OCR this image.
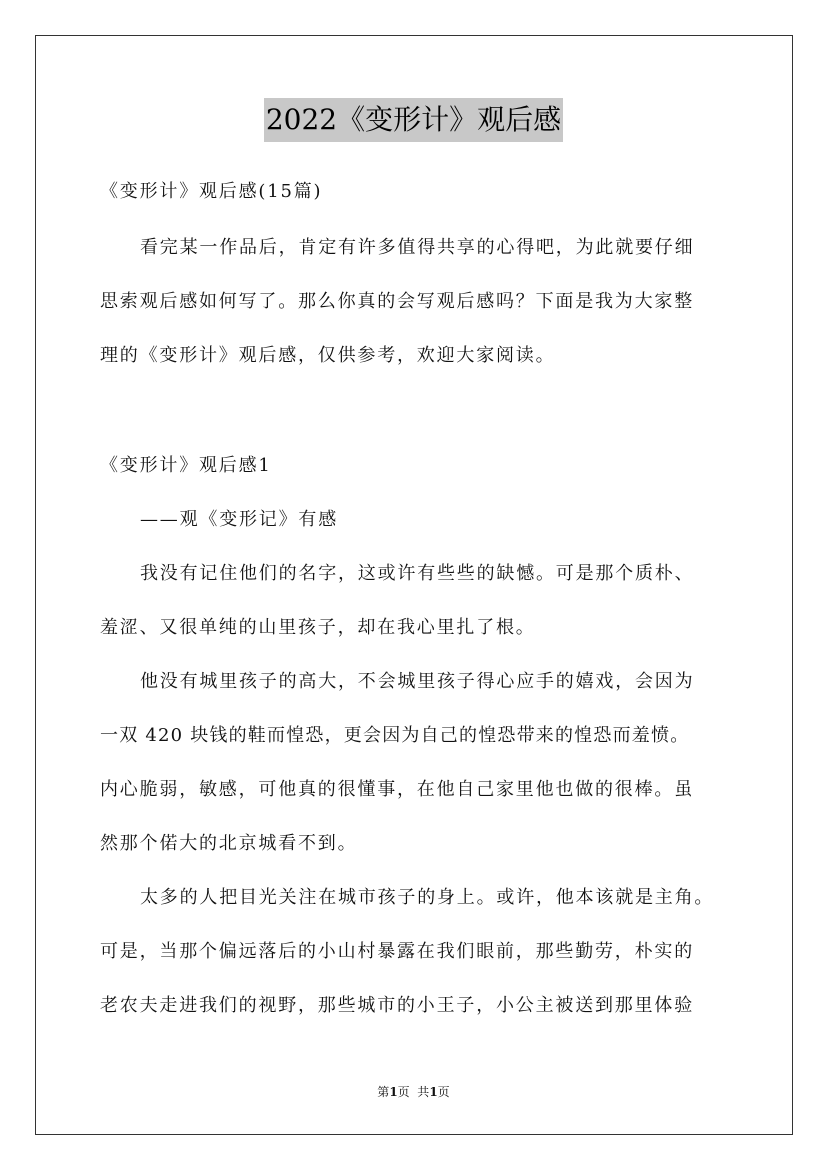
2022《变形计》观后感
《变形计》观后感(15篇)
看完某一作品后，肯定有许多值得共享的心得吧，为此就要仔细
思索观后感如何写了。那么你真的会写观后感吗？下面是我为大家整
理的《变形计》观后感，仅供参考，欢迎大家阅读。
《变形计》观后感1
——观《变形记》有感
我没有记住他们的名字，这或许有些些的缺憾。可是那个质朴、
羞涩、又很单纯的山里孩子，却在我心里扎了根。
他没有城里孩子的高大，不会城里孩子得心应手的嬉戏，会因为
一双 420 块钱的鞋而惶恐，更会因为自己的惶恐带来的惶恐而羞愤。
内心脆弱，敏感，可他真的很懂事，在他自己家里他也做的很棒。虽
然那个偌大的北京城看不到。
太多的人把目光关注在城市孩子的身上。或许，他本该就是主角。
可是，当那个偏远落后的小山村暴露在我们眼前，那些勤劳，朴实的
老农夫走进我们的视野，那些城市的小王子，小公主被送到那里体验
第1页  共1页
